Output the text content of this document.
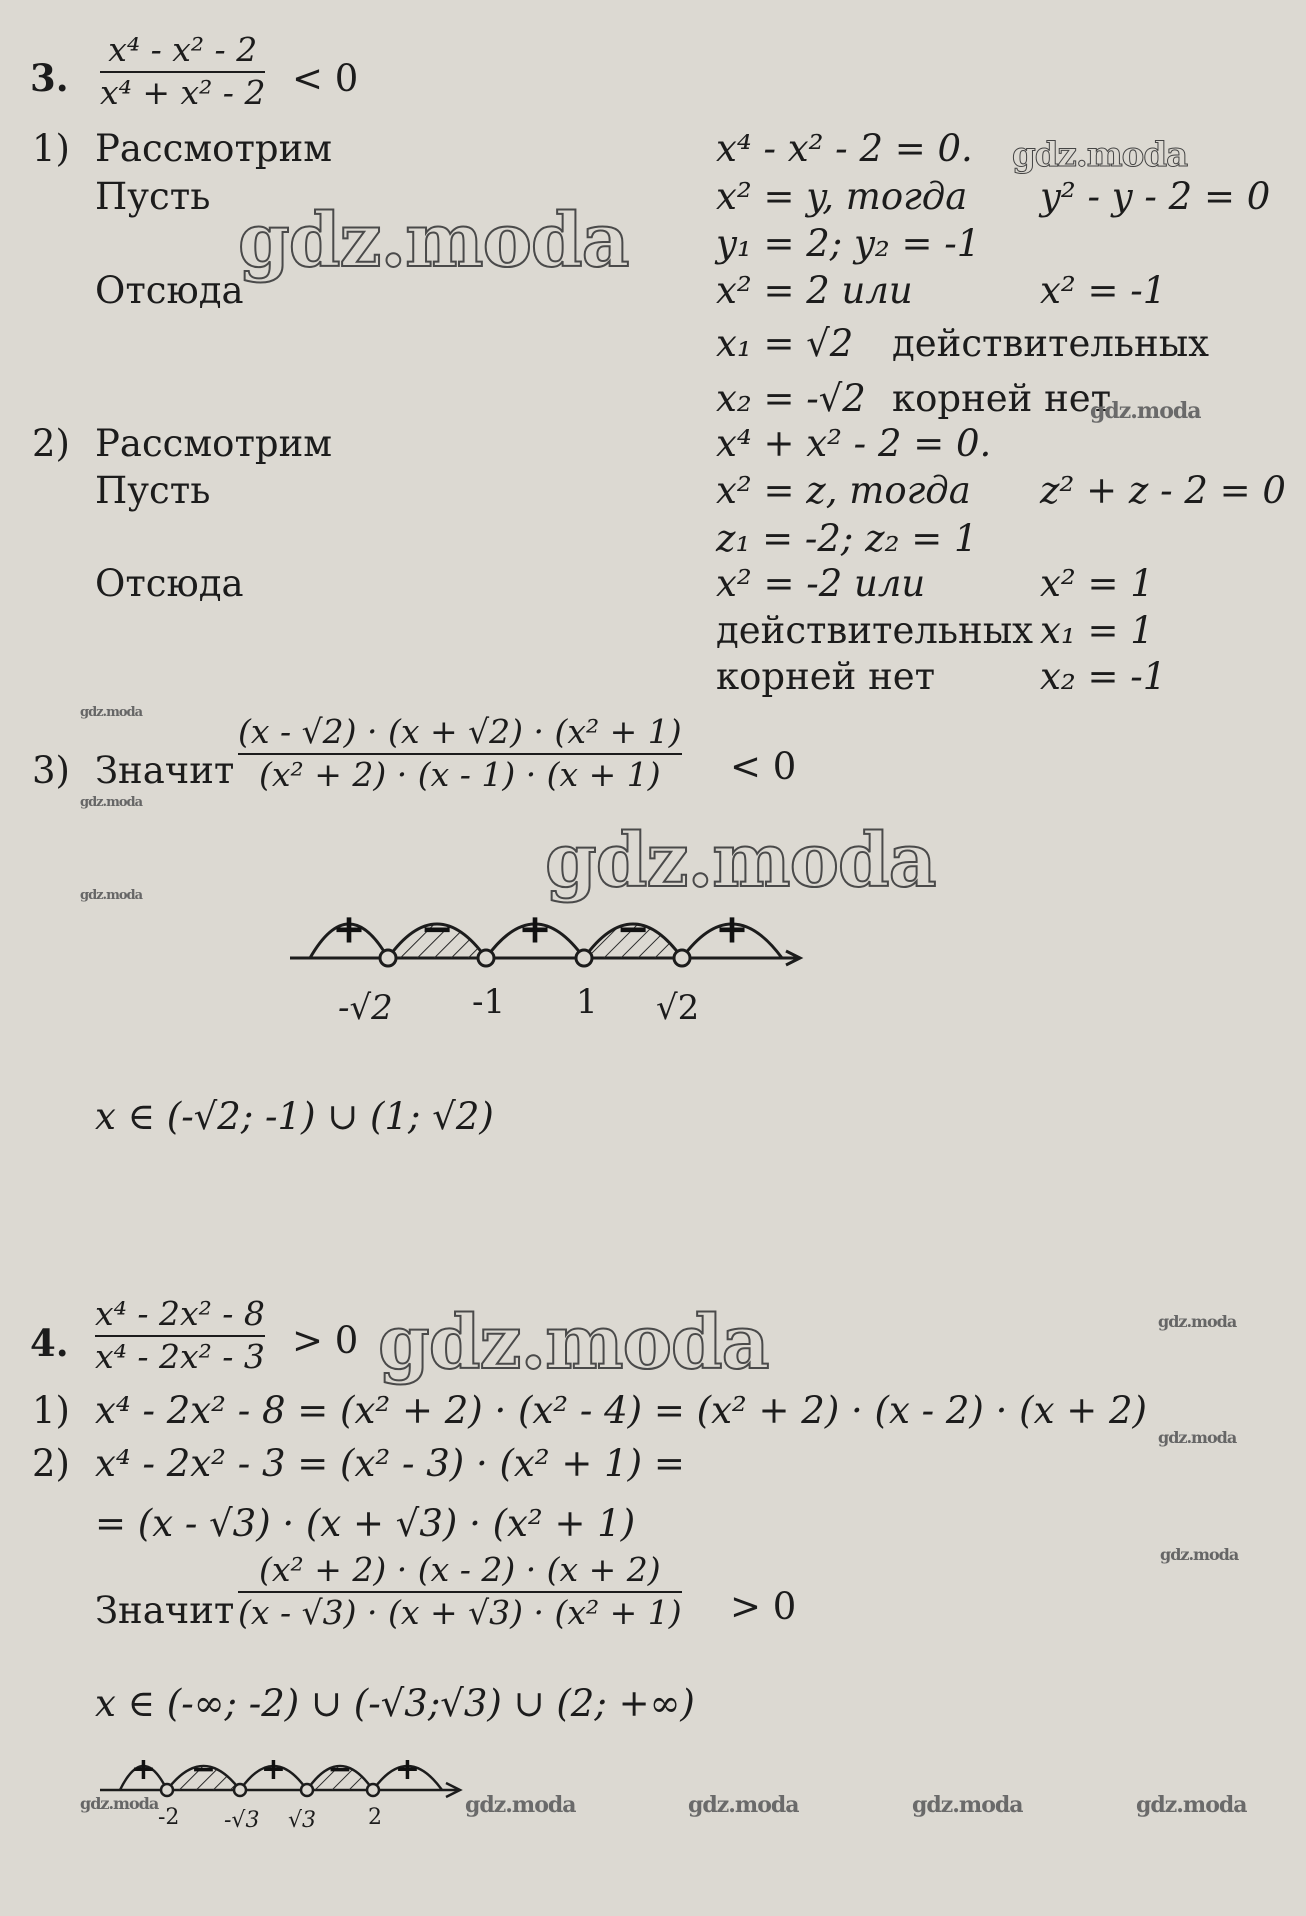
3.
x⁴ - x² - 2
x⁴ + x² - 2 < 0
1) Рассмотрим
Пусть
Отсюда
x⁴ - x² - 2 = 0.
x² = y, тогда y² - y - 2 = 0
y₁ = 2; y₂ = -1
x² = 2 или	x² = -1
x₁ = √2 действительных
x₂ = -√2 корней нет
2) Рассмотрим
Пусть
Отсюда
x⁴ + x² - 2 = 0.
x² = z, тогда z² + z - 2 = 0
z₁ = -2; z₂ = 1
x² = -2 или	x² = 1
действительных x₁ = 1
корней нет	x₂ = -1
3) Значит
(x - √2) · (x + √2) · (x² + 1)
(x² + 2) · (x - 1) · (x + 1) < 0
+ − + − +
+ − + − +
-√2 -1 1 √2
x ∈ (-√2; -1) ∪ (1; √2)
4.
x⁴ - 2x² - 8
x⁴ - 2x² - 3 > 0
1) x⁴ - 2x² - 8 = (x² + 2) · (x² - 4) = (x² + 2) · (x - 2) · (x + 2)
2) x⁴ - 2x² - 3 = (x² - 3) · (x² + 1) =
= (x - √3) · (x + √3) · (x² + 1)
Значит
(x² + 2) · (x - 2) · (x + 2)
(x - √3) · (x + √3) · (x² + 1) > 0
x ∈ (-∞; -2) ∪ (-√3;√3) ∪ (2; +∞)
-2 -√3 √3 2
gdz.moda
gdz.moda
gdz.moda
gdz.moda
gdz.moda
gdz.moda
gdz.moda
gdz.moda
gdz.moda
gdz.moda
gdz.moda
gdz.moda	gdz.moda	gdz.moda	gdz.moda	gdz.moda
